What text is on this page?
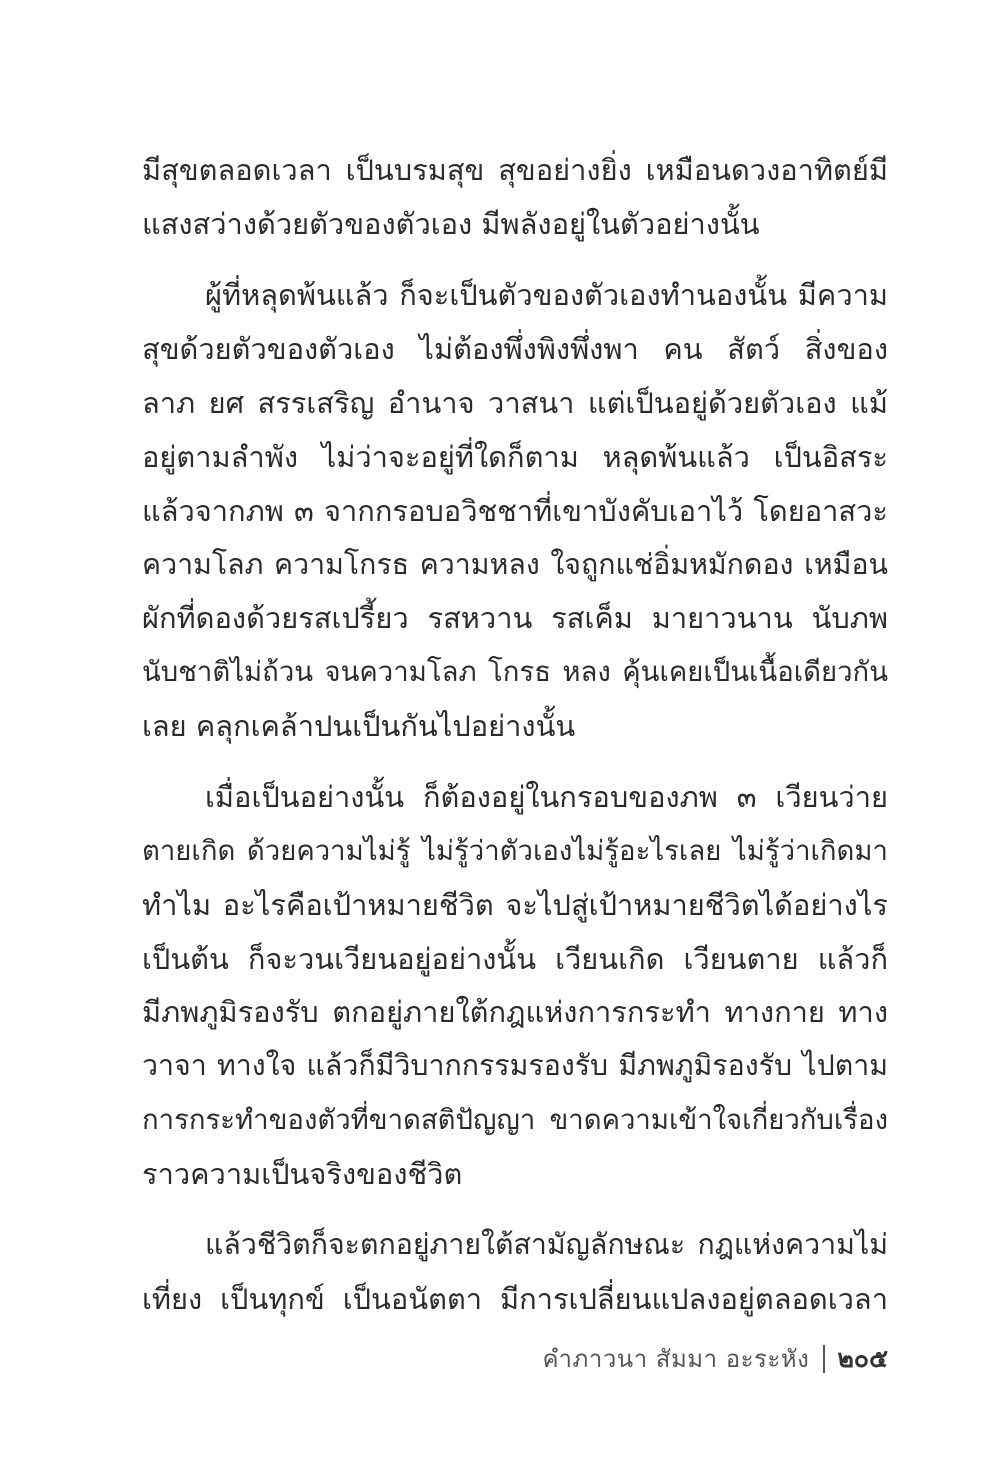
มีสุขตลอดเวลา เป็นบรมสุข สุขอย่างยิ่ง เหมือนดวงอาทิตย์มี
แสงสว่างด้วยตัวของตัวเอง มีพลังอยู่ในตัวอย่างนั้น
ผู้ที่หลุดพ้นแล้ว ก็จะเป็นตัวของตัวเองทำนองนั้น มีความ
สุขด้วยตัวของตัวเอง ไม่ต้องพึ่งพิงพึ่งพา คน สัตว์ สิ่งของ
ลาภ ยศ สรรเสริญ อำนาจ วาสนา แต่เป็นอยู่ด้วยตัวเอง แม้
อยู่ตามลำพัง ไม่ว่าจะอยู่ที่ใดก็ตาม หลุดพ้นแล้ว เป็นอิสระ
แล้วจากภพ ๓ จากกรอบอวิชชาที่เขาบังคับเอาไว้ โดยอาสวะ
ความโลภ ความโกรธ ความหลง ใจถูกแช่อิ่มหมักดอง เหมือน
ผักที่ดองด้วยรสเปรี้ยว รสหวาน รสเค็ม มายาวนาน นับภพ
นับชาติไม่ถ้วน จนความโลภ โกรธ หลง คุ้นเคยเป็นเนื้อเดียวกัน
เลย คลุกเคล้าปนเป็นกันไปอย่างนั้น
เมื่อเป็นอย่างนั้น ก็ต้องอยู่ในกรอบของภพ ๓ เวียนว่าย
ตายเกิด ด้วยความไม่รู้ ไม่รู้ว่าตัวเองไม่รู้อะไรเลย ไม่รู้ว่าเกิดมา
ทำไม อะไรคือเป้าหมายชีวิต จะไปสู่เป้าหมายชีวิตได้อย่างไร
เป็นต้น ก็จะวนเวียนอยู่อย่างนั้น เวียนเกิด เวียนตาย แล้วก็
มีภพภูมิรองรับ ตกอยู่ภายใต้กฎแห่งการกระทำ ทางกาย ทาง
วาจา ทางใจ แล้วก็มีวิบากกรรมรองรับ มีภพภูมิรองรับ ไปตาม
การกระทำของตัวที่ขาดสติปัญญา ขาดความเข้าใจเกี่ยวกับเรื่อง
ราวความเป็นจริงของชีวิต
แล้วชีวิตก็จะตกอยู่ภายใต้สามัญลักษณะ กฎแห่งความไม่
เที่ยง เป็นทุกข์ เป็นอนัตตา มีการเปลี่ยนแปลงอยู่ตลอดเวลา
คำภาวนา สัมมา อะระหัง ๒๐๕
